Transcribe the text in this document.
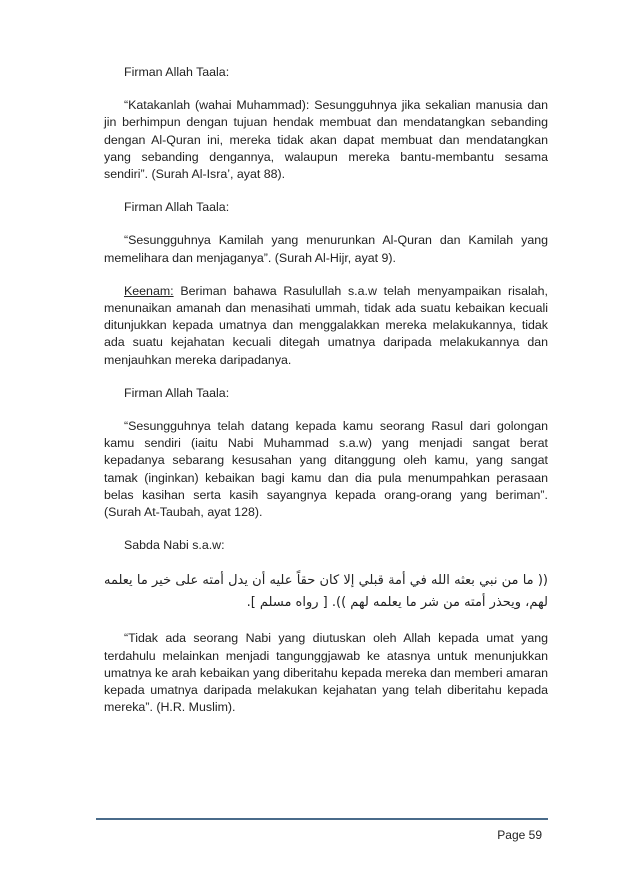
Firman Allah Taala:

“Katakanlah (wahai Muhammad): Sesungguhnya jika sekalian manusia dan jin berhimpun dengan tujuan hendak membuat dan mendatangkan sebanding dengan Al-Quran ini, mereka tidak akan dapat membuat dan mendatangkan yang sebanding dengannya, walaupun mereka bantu-membantu sesama sendiri”. (Surah Al-Isra’, ayat 88).

Firman Allah Taala:

“Sesungguhnya Kamilah yang menurunkan Al-Quran dan Kamilah yang memelihara dan menjaganya”. (Surah Al-Hijr, ayat 9).

Keenam: Beriman bahawa Rasulullah s.a.w telah menyampaikan risalah, menunaikan amanah dan menasihati ummah, tidak ada suatu kebaikan kecuali ditunjukkan kepada umatnya dan menggalakkan mereka melakukannya, tidak ada suatu kejahatan kecuali ditegah umatnya daripada melakukannya dan menjauhkan mereka daripadanya.

Firman Allah Taala:

“Sesungguhnya telah datang kepada kamu seorang Rasul dari golongan kamu sendiri (iaitu Nabi Muhammad s.a.w) yang menjadi sangat berat kepadanya sebarang kesusahan yang ditanggung oleh kamu, yang sangat tamak (inginkan) kebaikan bagi kamu dan dia pula menumpahkan perasaan belas kasihan serta kasih sayangnya kepada orang-orang yang beriman”. (Surah At-Taubah, ayat 128).

Sabda Nabi s.a.w:

(( ما من نبي بعثه الله في أمة قبلي إلا كان حقاً عليه أن يدل أمته على خير ما يعلمه لهم، ويحذر أمته من شر ما يعلمه لهم )). [ رواه مسلم ].

“Tidak ada seorang Nabi yang diutuskan oleh Allah kepada umat yang terdahulu melainkan menjadi tangunggjawab ke atasnya untuk menunjukkan umatnya ke arah kebaikan yang diberitahu kepada mereka dan memberi amaran kepada umatnya daripada melakukan kejahatan yang telah diberitahu kepada mereka”. (H.R. Muslim).

Page 59
